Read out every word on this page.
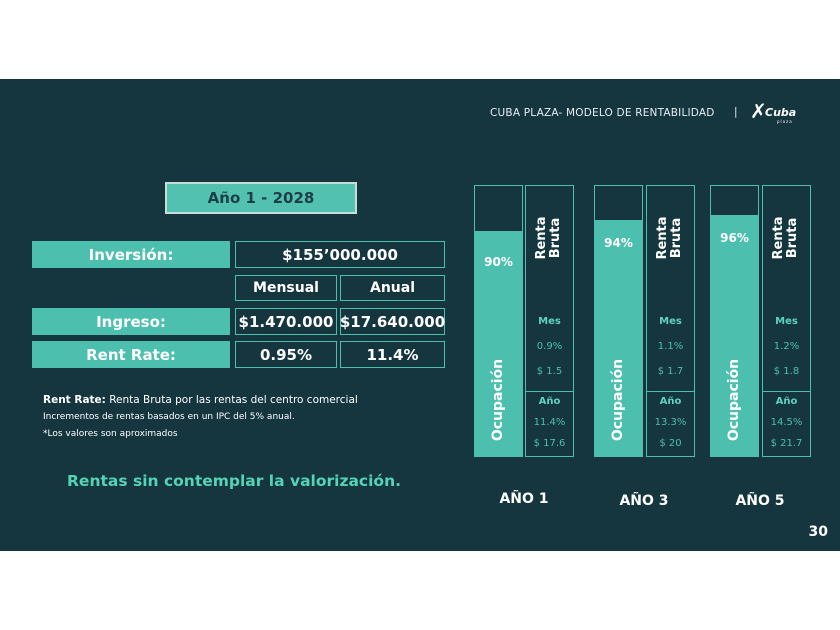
CUBA PLAZA- MODELO DE RENTABILIDAD | ✗
Cuba
plaza
Año 1 - 2028
Inversión:	$155’000.000
Mensual	Anual
Ingreso:	$1.470.000 $17.640.000
Rent Rate:	0.95%	11.4%
Rent Rate: Renta Bruta por las rentas del centro comercial
Incrementos de rentas basados en un IPC del 5% anual.
*Los valores son aproximados
Rentas sin contemplar la valorización.
90%
Ocupación
Renta Bruta
Mes
0.9%
$ 1.5
Año
11.4%
$ 17.6
AÑO 1
94%
Ocupación
Renta Bruta
Mes
1.1%
$ 1.7
Año
13.3%
$ 20
AÑO 3
96%
Ocupación
Renta Bruta
Mes
1.2%
$ 1.8
Año
14.5%
$ 21.7
AÑO 5
30
